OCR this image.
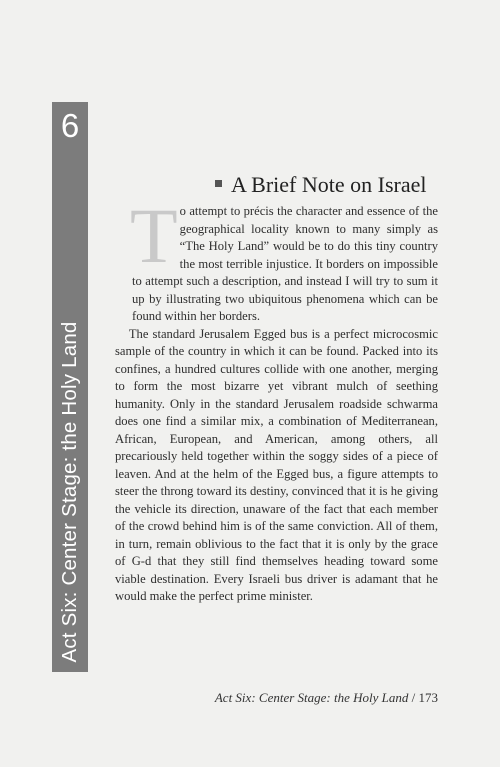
6
Act Six: Center Stage: the Holy Land
A Brief Note on Israel

T o attempt to précis the character and essence of the geographical locality known to many simply as “The Holy Land” would be to do this tiny country the most terrible injustice. It borders on impossible to attempt such a description, and instead I will try to sum it up by illustrating two ubiquitous phenomena which can be found within her borders.

The standard Jerusalem Egged bus is a perfect microcosmic sample of the country in which it can be found. Packed into its confines, a hundred cultures collide with one another, merging to form the most bizarre yet vibrant mulch of seething humanity. Only in the standard Jerusalem roadside schwarma does one find a similar mix, a combination of Mediterranean, African, European, and American, among others, all precariously held together within the soggy sides of a piece of leaven. And at the helm of the Egged bus, a figure attempts to steer the throng toward its destiny, convinced that it is he giving the vehicle its direction, unaware of the fact that each member of the crowd behind him is of the same conviction. All of them, in turn, remain oblivious to the fact that it is only by the grace of G-d that they still find themselves heading toward some viable destination. Every Israeli bus driver is adamant that he would make the perfect prime minister.

Act Six: Center Stage: the Holy Land / 173
